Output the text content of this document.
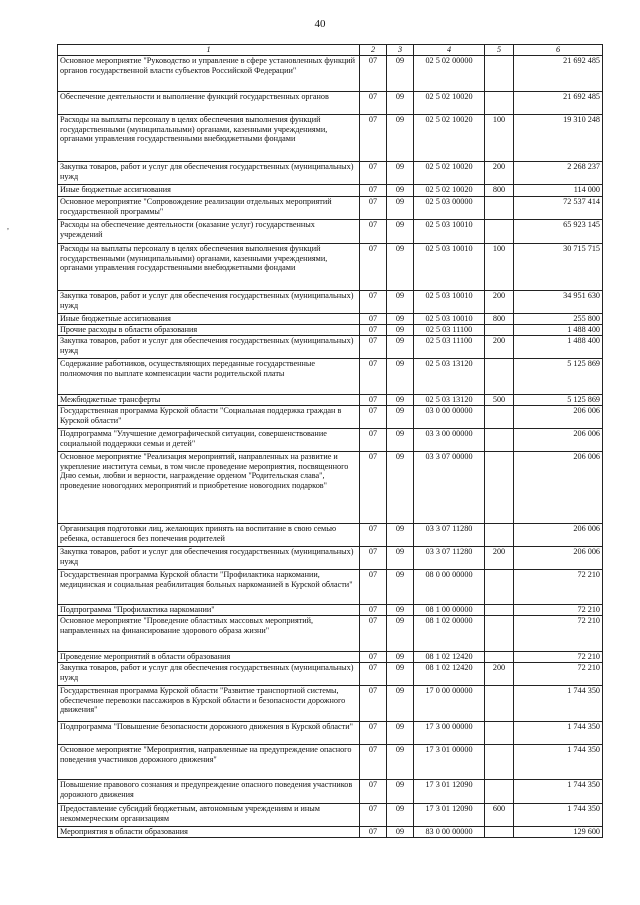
40
,
1	2	3	4	5	6
Основное мероприятие "Руководство и управление в сфере установленных функций органов государственной власти субъектов Российской Федерации"	07	09	02 5 02 00000		21 692 485
Обеспечение деятельности и выполнение функций государственных органов	07	09	02 5 02 10020		21 692 485
Расходы на выплаты персоналу в целях обеспечения выполнения функций государственными (муниципальными) органами, казенными учреждениями, органами управления государственными внебюджетными фондами	07	09	02 5 02 10020	100	19 310 248
Закупка товаров, работ и услуг для обеспечения государственных (муниципальных) нужд	07	09	02 5 02 10020	200	2 268 237
Иные бюджетные ассигнования	07	09	02 5 02 10020	800	114 000
Основное мероприятие "Сопровождение реализации отдельных мероприятий государственной программы"	07	09	02 5 03 00000		72 537 414
Расходы на обеспечение деятельности (оказание услуг) государственных учреждений	07	09	02 5 03 10010		65 923 145
Расходы на выплаты персоналу в целях обеспечения выполнения функций государственными (муниципальными) органами, казенными учреждениями, органами управления государственными внебюджетными фондами	07	09	02 5 03 10010	100	30 715 715
Закупка товаров, работ и услуг для обеспечения государственных (муниципальных) нужд	07	09	02 5 03 10010	200	34 951 630
Иные бюджетные ассигнования	07	09	02 5 03 10010	800	255 800
Прочие расходы в области образования	07	09	02 5 03 11100		1 488 400
Закупка товаров, работ и услуг для обеспечения государственных (муниципальных) нужд	07	09	02 5 03 11100	200	1 488 400
Содержание работников, осуществляющих переданные государственные полномочия по выплате компенсации части родительской платы	07	09	02 5 03 13120		5 125 869
Межбюджетные трансферты	07	09	02 5 03 13120	500	5 125 869
Государственная программа Курской области "Социальная поддержка граждан в Курской области"	07	09	03 0 00 00000		206 006
Подпрограмма "Улучшение демографической ситуации, совершенствование социальной поддержки семьи и детей"	07	09	03 3 00 00000		206 006
Основное мероприятие "Реализация мероприятий, направленных на развитие и укрепление института семьи, в том числе проведение мероприятия, посвященного Дню семьи, любви и верности, награждение орденом "Родительская слава", проведение новогодних мероприятий и приобретение новогодних подарков"	07	09	03 3 07 00000		206 006
Организация подготовки лиц, желающих принять на воспитание в свою семью ребенка, оставшегося без попечения родителей	07	09	03 3 07 11280		206 006
Закупка товаров, работ и услуг для обеспечения государственных (муниципальных) нужд	07	09	03 3 07 11280	200	206 006
Государственная программа Курской области "Профилактика наркомании, медицинская и социальная реабилитация больных наркоманией в Курской области"	07	09	08 0 00 00000		72 210
Подпрограмма "Профилактика наркомании"	07	09	08 1 00 00000		72 210
Основное мероприятие "Проведение областных массовых мероприятий, направленных на финансирование здорового образа жизни"	07	09	08 1 02 00000		72 210
Проведение мероприятий в области образования	07	09	08 1 02 12420		72 210
Закупка товаров, работ и услуг для обеспечения государственных (муниципальных) нужд	07	09	08 1 02 12420	200	72 210
Государственная программа Курской области "Развитие транспортной системы, обеспечение перевозки пассажиров в Курской области и безопасности дорожного движения"	07	09	17 0 00 00000		1 744 350
Подпрограмма "Повышение безопасности дорожного движения в Курской области"	07	09	17 3 00 00000		1 744 350
Основное мероприятие "Мероприятия, направленные на предупреждение опасного поведения участников дорожного движения"	07	09	17 3 01 00000		1 744 350
Повышение правового сознания и предупреждение опасного поведения участников дорожного движения	07	09	17 3 01 12090		1 744 350
Предоставление субсидий бюджетным, автономным учреждениям и иным некоммерческим организациям	07	09	17 3 01 12090	600	1 744 350
Мероприятия в области образования	07	09	83 0 00 00000		129 600
